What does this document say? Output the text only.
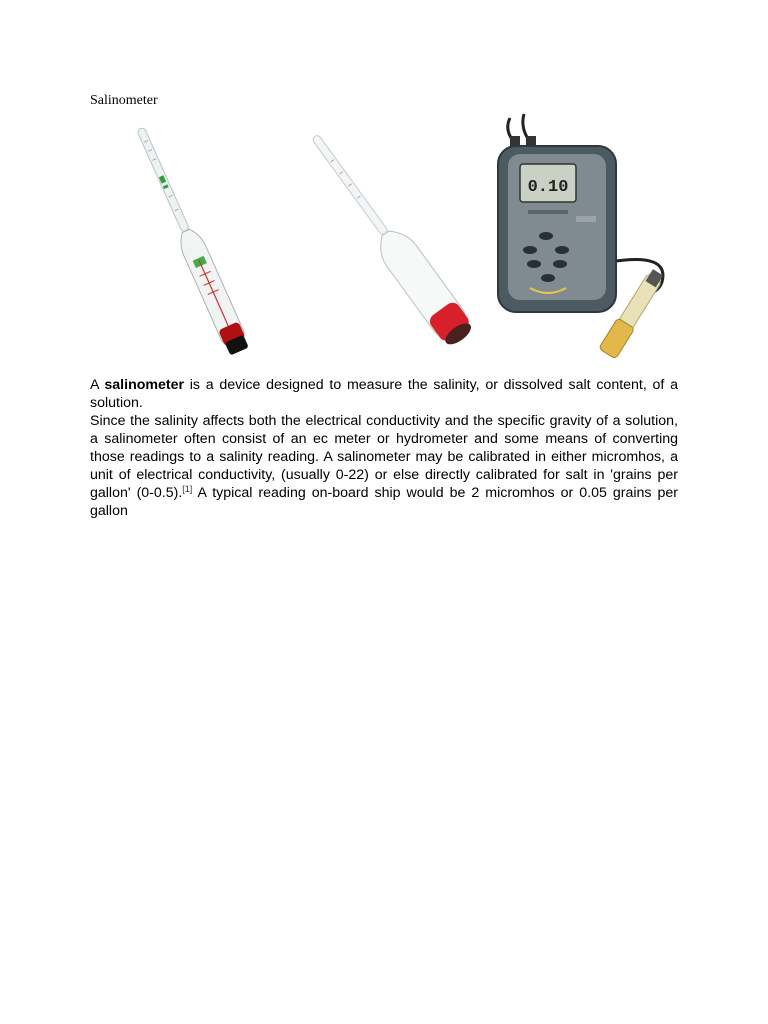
Salinometer
0.10

A salinometer is a device designed to measure the salinity, or dissolved salt content, of a solution.

Since the salinity affects both the electrical conductivity and the specific gravity of a solution, a salinometer often consist of an ec meter or hydrometer and some means of converting those readings to a salinity reading. A salinometer may be calibrated in either micromhos, a unit of electrical conductivity, (usually 0-22) or else directly calibrated for salt in 'grains per gallon' (0-0.5).[1] A typical reading on-board ship would be 2 micromhos or 0.05 grains per gallon
